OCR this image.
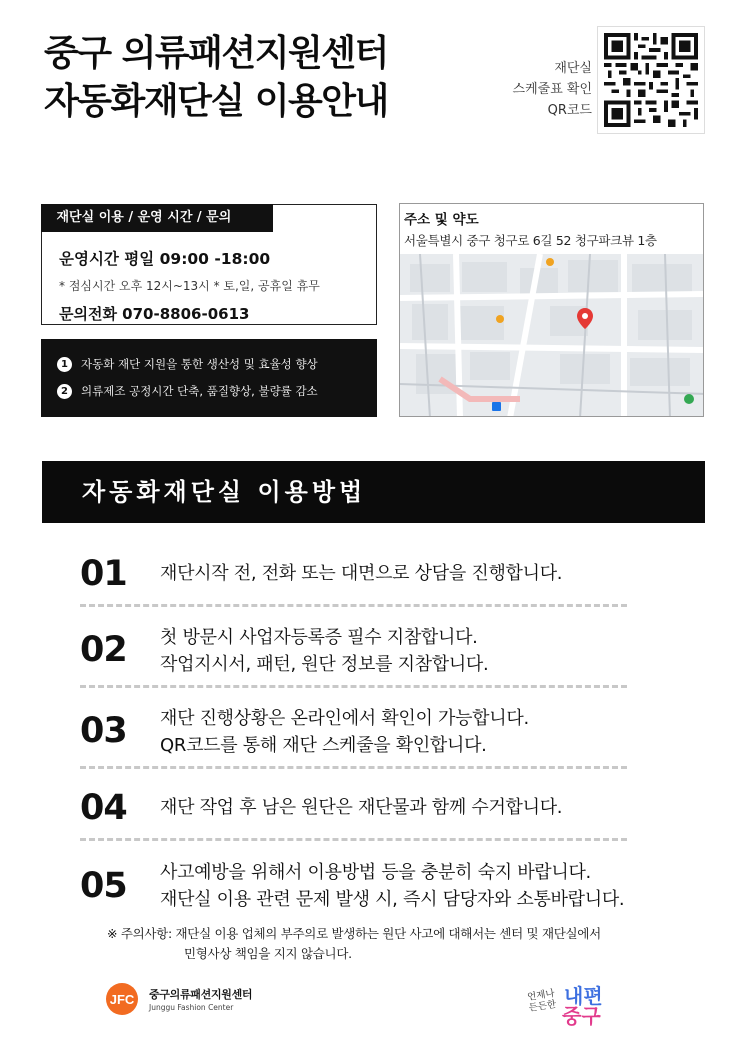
중구 의류패션지원센터
자동화재단실 이용안내
재단실
스케줄표 확인
QR코드
재단실 이용 / 운영 시간 / 문의
운영시간 평일 09:00 -18:00
* 점심시간 오후 12시~13시 * 토,일, 공휴일 휴무
문의전화 070-8806-0613
1	자동화 재단 지원을 통한 생산성 및 효율성 향상
2	의류제조 공정시간 단축, 품질향상, 불량률 감소
주소 및 약도
서울특별시 중구 청구로 6길 52 청구파크뷰 1층
자동화재단실 이용방법
01 재단시작 전, 전화 또는 대면으로 상담을 진행합니다.
02 첫 방문시 사업자등록증 필수 지참합니다.
작업지시서, 패턴, 원단 정보를 지참합니다.
03 재단 진행상황은 온라인에서 확인이 가능합니다.
QR코드를 통해 재단 스케줄을 확인합니다.
04 재단 작업 후 남은 원단은 재단물과 함께 수거합니다.
05 사고예방을 위해서 이용방법 등을 충분히 숙지 바랍니다.
재단실 이용 관련 문제 발생 시, 즉시 담당자와 소통바랍니다.
※ 주의사항: 재단실 이용 업체의 부주의로 발생하는 원단 사고에 대해서는 센터 및 재단실에서
민형사상 책임을 지지 않습니다.
JFC 중구의류패션지원센터
Junggu Fashion Center
언제나
든든한 내편
중구
